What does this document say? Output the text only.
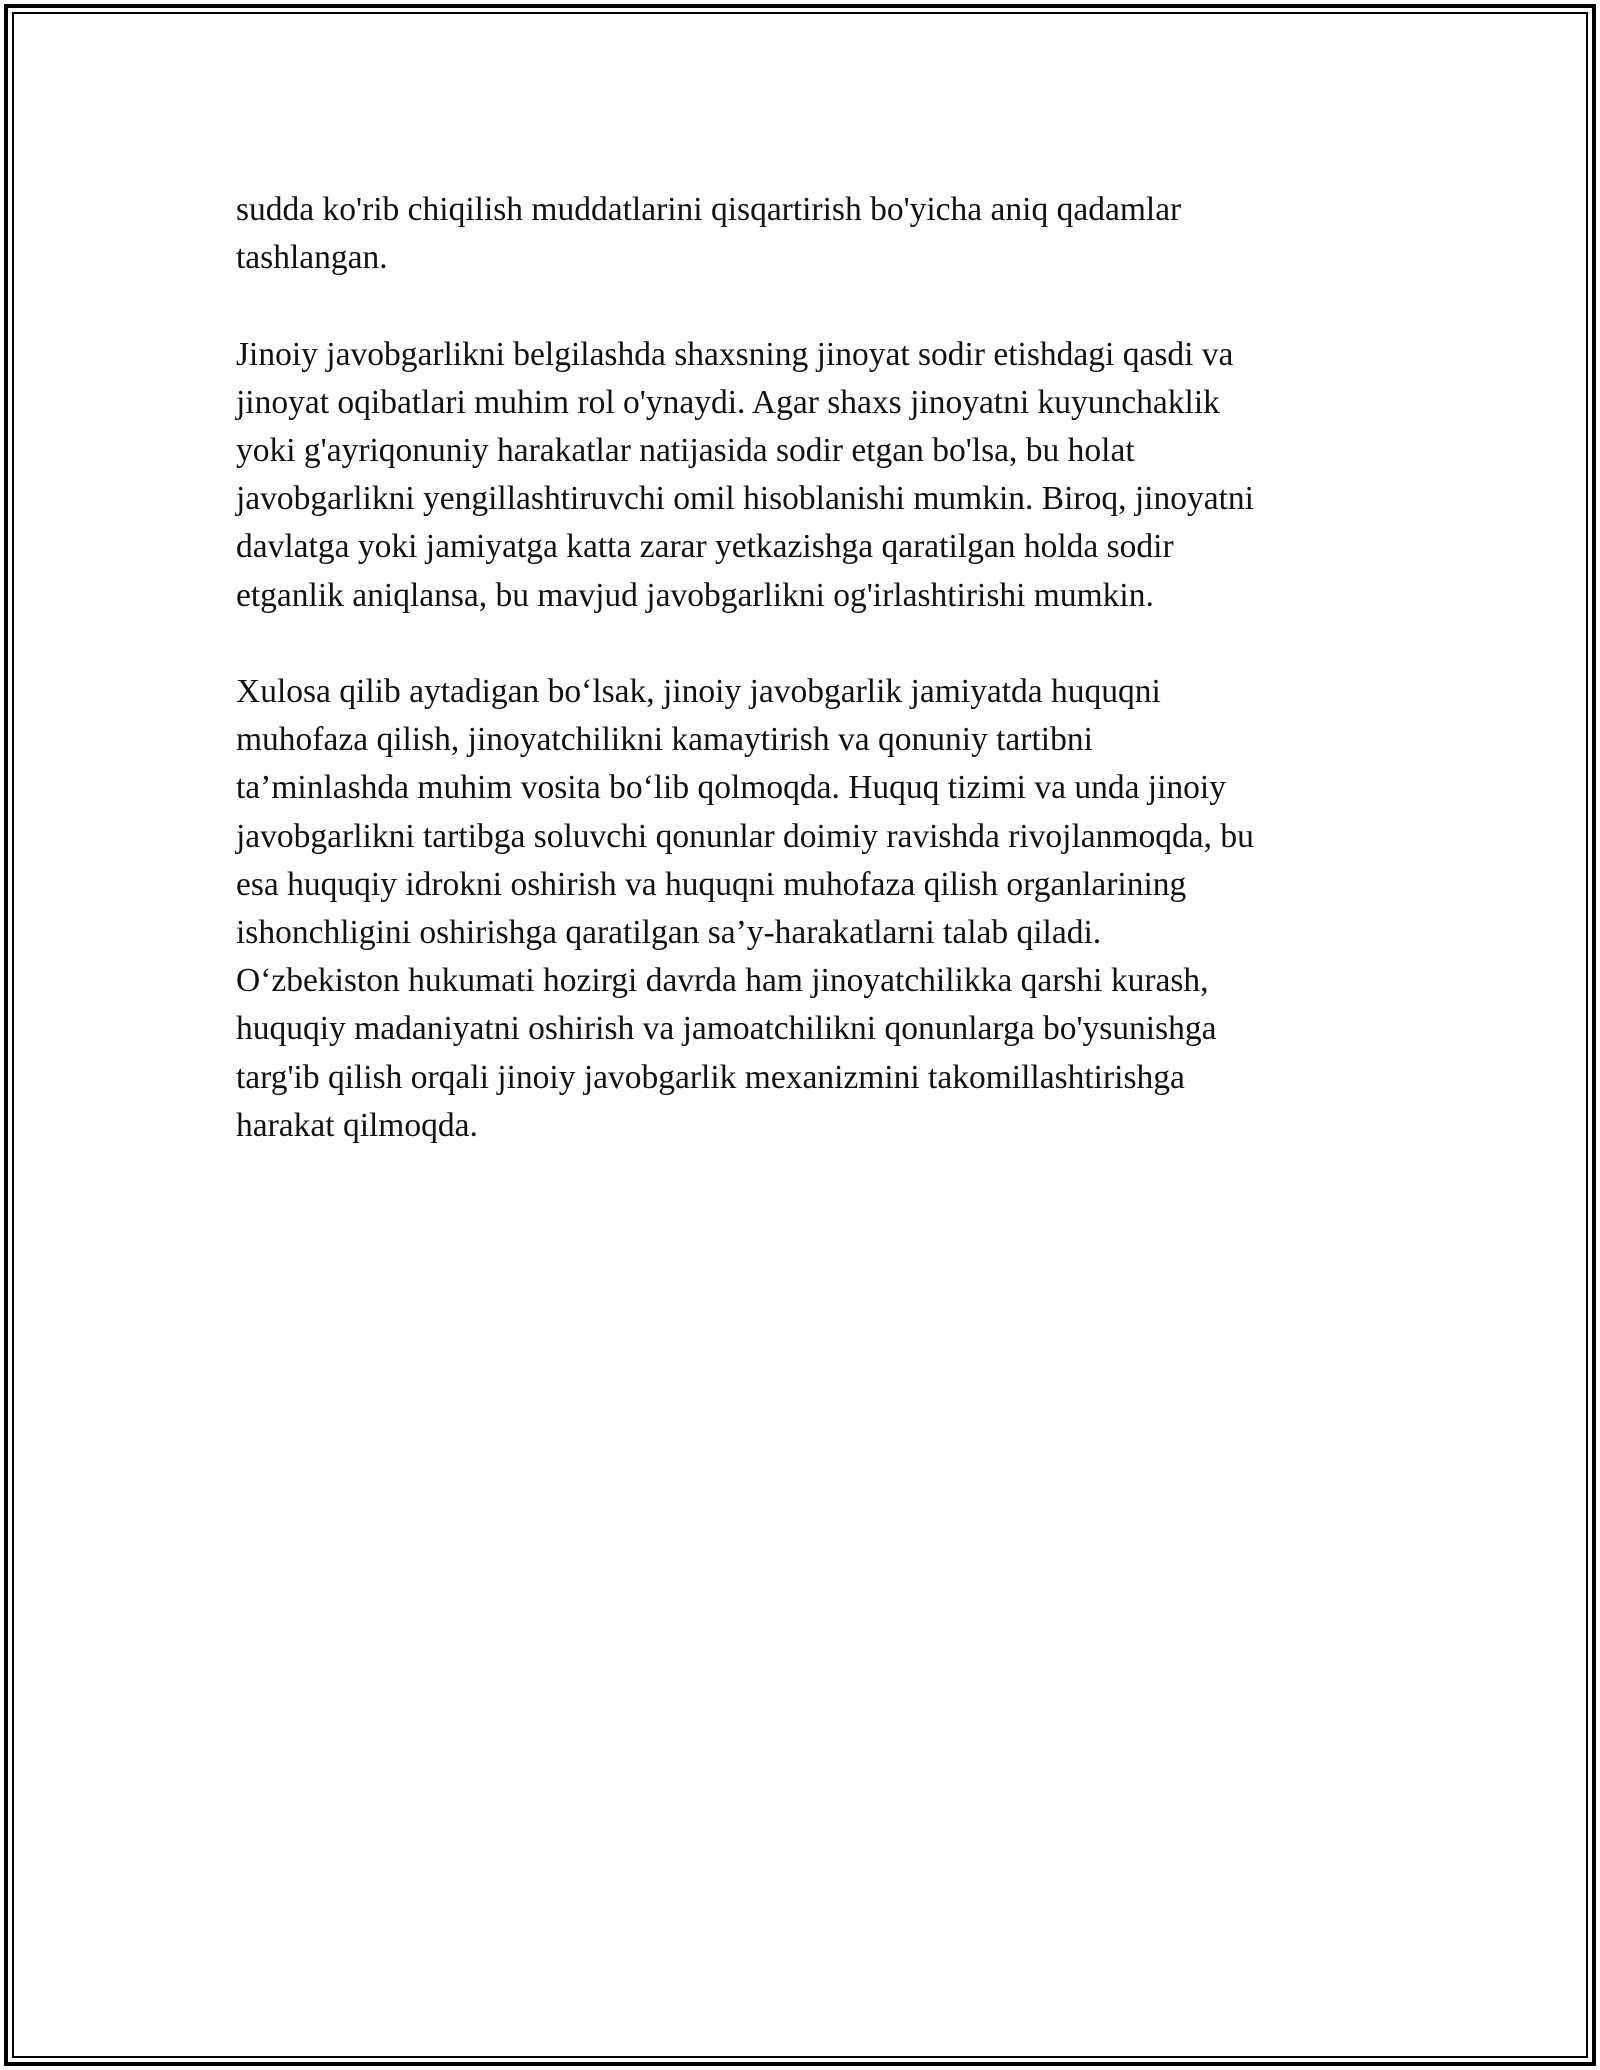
sudda ko'rib chiqilish muddatlarini qisqartirish bo'yicha aniq qadamlar
tashlangan.

Jinoiy javobgarlikni belgilashda shaxsning jinoyat sodir etishdagi qasdi va
jinoyat oqibatlari muhim rol o'ynaydi. Agar shaxs jinoyatni kuyunchaklik
yoki g'ayriqonuniy harakatlar natijasida sodir etgan bo'lsa, bu holat
javobgarlikni yengillashtiruvchi omil hisoblanishi mumkin. Biroq, jinoyatni
davlatga yoki jamiyatga katta zarar yetkazishga qaratilgan holda sodir
etganlik aniqlansa, bu mavjud javobgarlikni og'irlashtirishi mumkin.

Xulosa qilib aytadigan bo‘lsak, jinoiy javobgarlik jamiyatda huquqni
muhofaza qilish, jinoyatchilikni kamaytirish va qonuniy tartibni
ta’minlashda muhim vosita bo‘lib qolmoqda. Huquq tizimi va unda jinoiy
javobgarlikni tartibga soluvchi qonunlar doimiy ravishda rivojlanmoqda, bu
esa huquqiy idrokni oshirish va huquqni muhofaza qilish organlarining
ishonchligini oshirishga qaratilgan sa’y-harakatlarni talab qiladi.
O‘zbekiston hukumati hozirgi davrda ham jinoyatchilikka qarshi kurash,
huquqiy madaniyatni oshirish va jamoatchilikni qonunlarga bo'ysunishga
targ'ib qilish orqali jinoiy javobgarlik mexanizmini takomillashtirishga
harakat qilmoqda.
